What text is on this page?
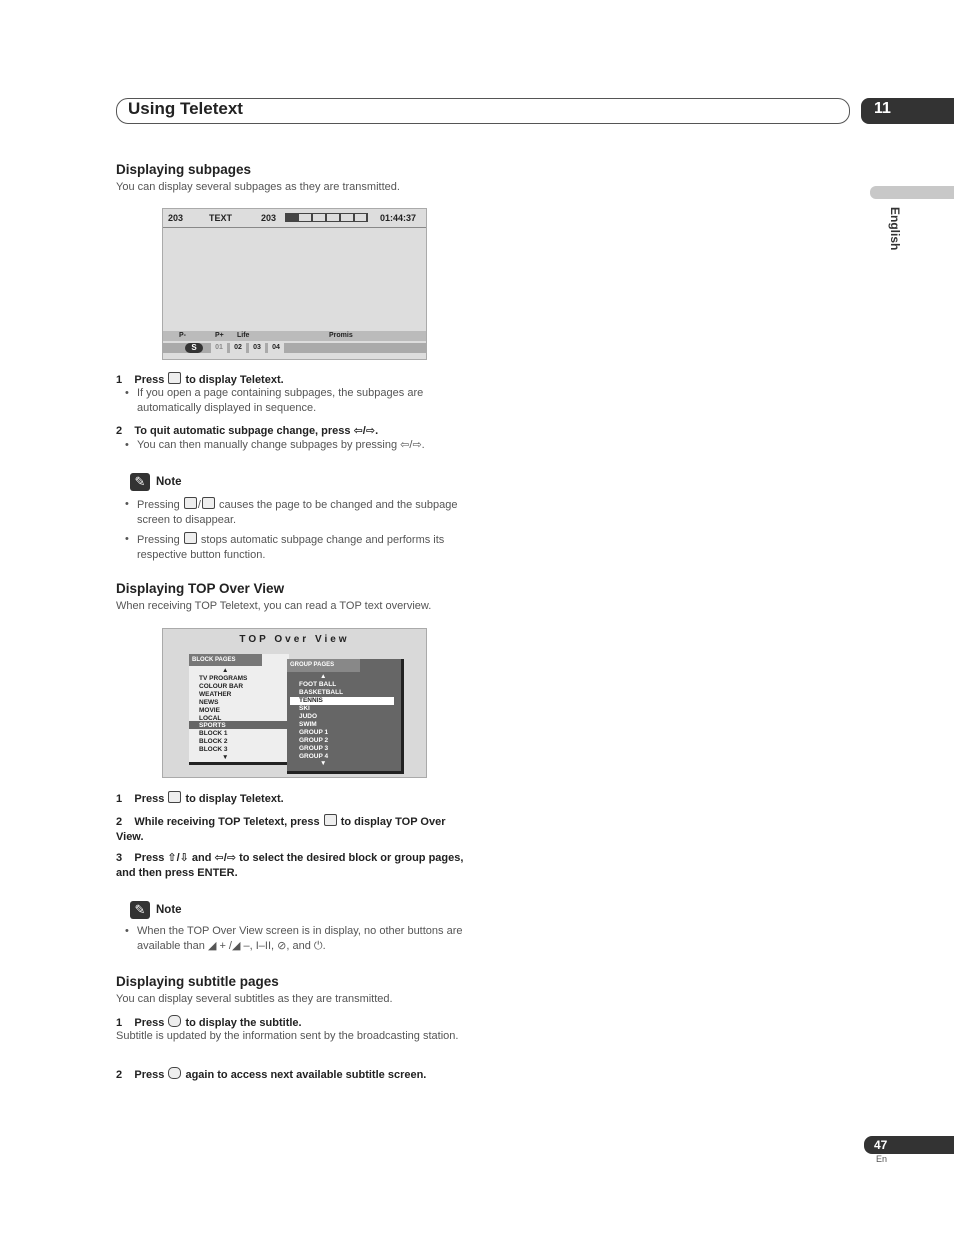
Using Teletext	11
English
Displaying subpages

You can display several subpages as they are transmitted.

203	TEXT	203	01:44:37
P-	P+ Life	Promis
S	01	02	03	04
1 Press to display Teletext.
• If you open a page containing subpages, the subpages are automatically displayed in sequence.
2 To quit automatic subpage change, press ⇦/⇨.
• You can then manually change subpages by pressing ⇦/⇨.
✎ Note
• Pressing / causes the page to be changed and the subpage screen to disappear.
• Pressing stops automatic subpage change and performs its respective button function.
Displaying TOP Over View

When receiving TOP Teletext, you can read a TOP text overview.

TOP Over View
BLOCK PAGES
▲
TV PROGRAMS
COLOUR BAR
WEATHER
NEWS
MOVIE
LOCAL
SPORTS
BLOCK 1
BLOCK 2
BLOCK 3
▼
GROUP PAGES
▲
FOOT BALL
BASKETBALL
TENNIS
SKI
JUDO
SWIM
GROUP 1
GROUP 2
GROUP 3
GROUP 4
▼
1 Press to display Teletext.
2 While receiving TOP Teletext, press to display TOP Over View.
3 Press ⇧/⇩ and ⇦/⇨ to select the desired block or group pages, and then press ENTER.
✎ Note
• When the TOP Over View screen is in display, no other buttons are available than ◢ + /◢ –, I–II, ⊘, and ⏻.
Displaying subtitle pages

You can display several subtitles as they are transmitted.

1 Press to display the subtitle.

Subtitle is updated by the information sent by the broadcasting station.

2 Press again to access next available subtitle screen.
47
En
